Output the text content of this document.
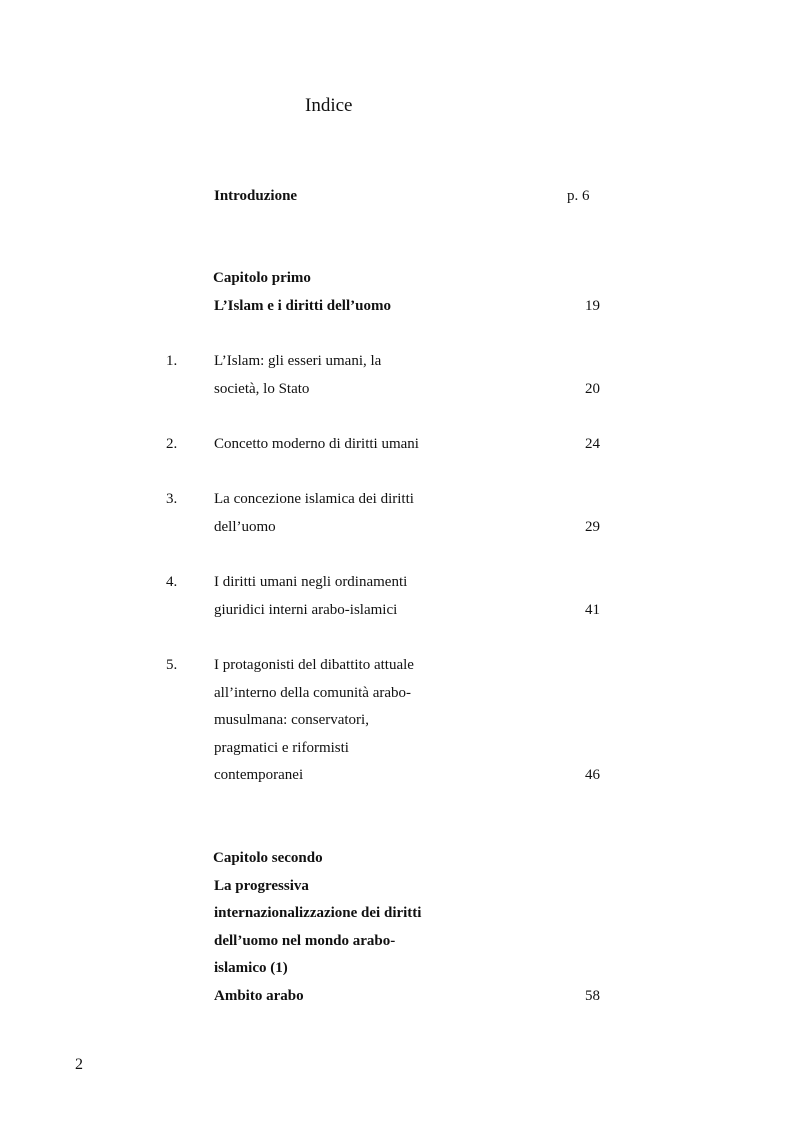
Indice
Introduzione	p. 6
Capitolo primo
L’Islam e i diritti dell’uomo	19
1. L’Islam: gli esseri umani, la
società, lo Stato	20
2. Concetto moderno di diritti umani	24
3. La concezione islamica dei diritti
dell’uomo	29
4. I diritti umani negli ordinamenti
giuridici interni arabo-islamici	41
5. I protagonisti del dibattito attuale
all’interno della comunità arabo-
musulmana: conservatori,
pragmatici e riformisti
contemporanei	46
Capitolo secondo
La progressiva
internazionalizzazione dei diritti
dell’uomo nel mondo arabo-
islamico (1)
Ambito arabo	58
2
